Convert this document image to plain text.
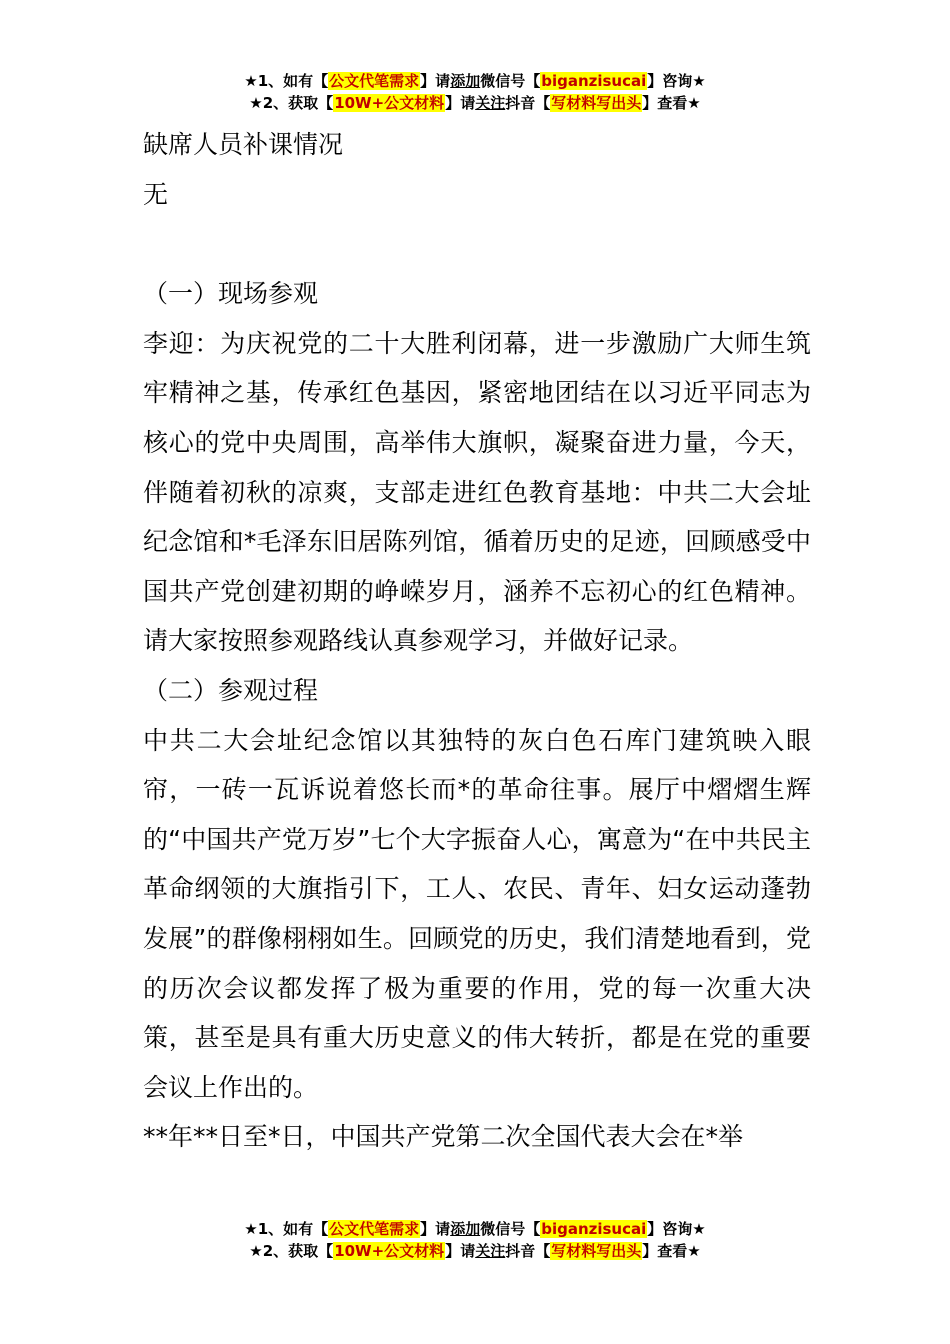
★1、如有【公文代笔需求】请添加微信号【biganzisucai】咨询★
★2、获取【10W+公文材料】请关注抖音【写材料写出头】查看★

缺席人员补课情况

无

（一）现场参观

李迎：为庆祝党的二十大胜利闭幕，进一步激励广大师生筑牢精神之基，传承红色基因，紧密地团结在以习近平同志为核心的党中央周围，高举伟大旗帜，凝聚奋进力量，今天，伴随着初秋的凉爽，支部走进红色教育基地：中共二大会址纪念馆和*毛泽东旧居陈列馆，循着历史的足迹，回顾感受中国共产党创建初期的峥嵘岁月，涵养不忘初心的红色精神。请大家按照参观路线认真参观学习，并做好记录。

（二）参观过程

中共二大会址纪念馆以其独特的灰白色石库门建筑映入眼帘，一砖一瓦诉说着悠长而*的革命往事。展厅中熠熠生辉的“中国共产党万岁”七个大字振奋人心，寓意为“在中共民主革命纲领的大旗指引下，工人、农民、青年、妇女运动蓬勃发展”的群像栩栩如生。回顾党的历史，我们清楚地看到，党的历次会议都发挥了极为重要的作用，党的每一次重大决策，甚至是具有重大历史意义的伟大转折，都是在党的重要会议上作出的。

**年**日至*日，中国共产党第二次全国代表大会在*举

★1、如有【公文代笔需求】请添加微信号【biganzisucai】咨询★
★2、获取【10W+公文材料】请关注抖音【写材料写出头】查看★
